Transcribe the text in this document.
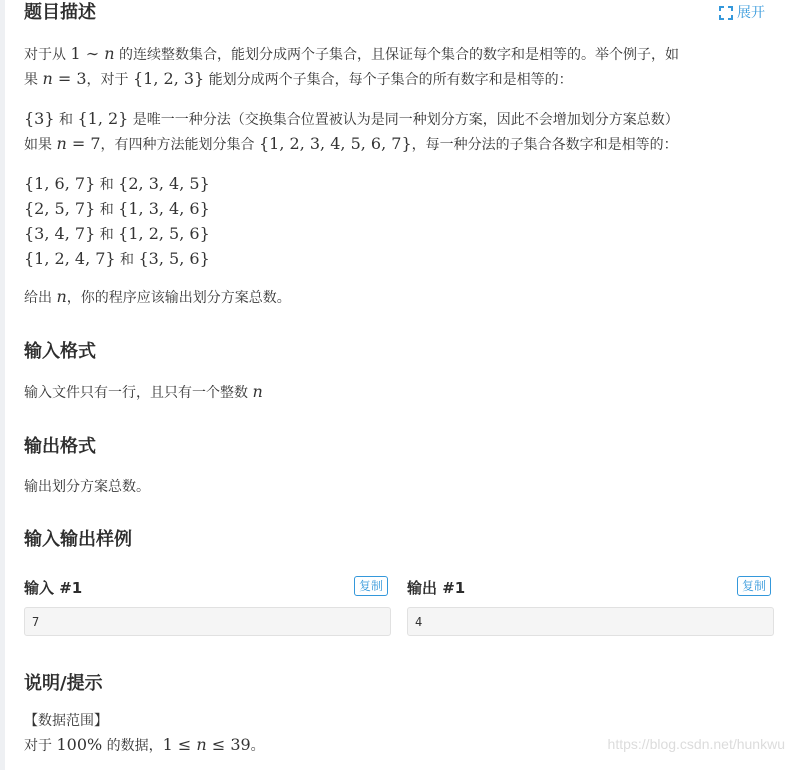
题目描述	展开

对于从 1 ∼ n 的连续整数集合，能划分成两个子集合，且保证每个集合的数字和是相等的。举个例子，如

果 n = 3，对于 {1, 2, 3} 能划分成两个子集合，每个子集合的所有数字和是相等的：

{3} 和 {1, 2} 是唯一一种分法（交换集合位置被认为是同一种划分方案，因此不会增加划分方案总数）

如果 n = 7，有四种方法能划分集合 {1, 2, 3, 4, 5, 6, 7}，每一种分法的子集合各数字和是相等的：

{1, 6, 7} 和 {2, 3, 4, 5}

{2, 5, 7} 和 {1, 3, 4, 6}

{3, 4, 7} 和 {1, 2, 5, 6}

{1, 2, 4, 7} 和 {3, 5, 6}

给出 n，你的程序应该输出划分方案总数。

输入格式

输入文件只有一行，且只有一个整数 n

输出格式

输出划分方案总数。

输入输出样例
输入 #1	复制
7
输出 #1	复制
4
说明/提示

【数据范围】

对于 100% 的数据，1 ≤ n ≤ 39。	https://blog.csdn.net/hunkwu
